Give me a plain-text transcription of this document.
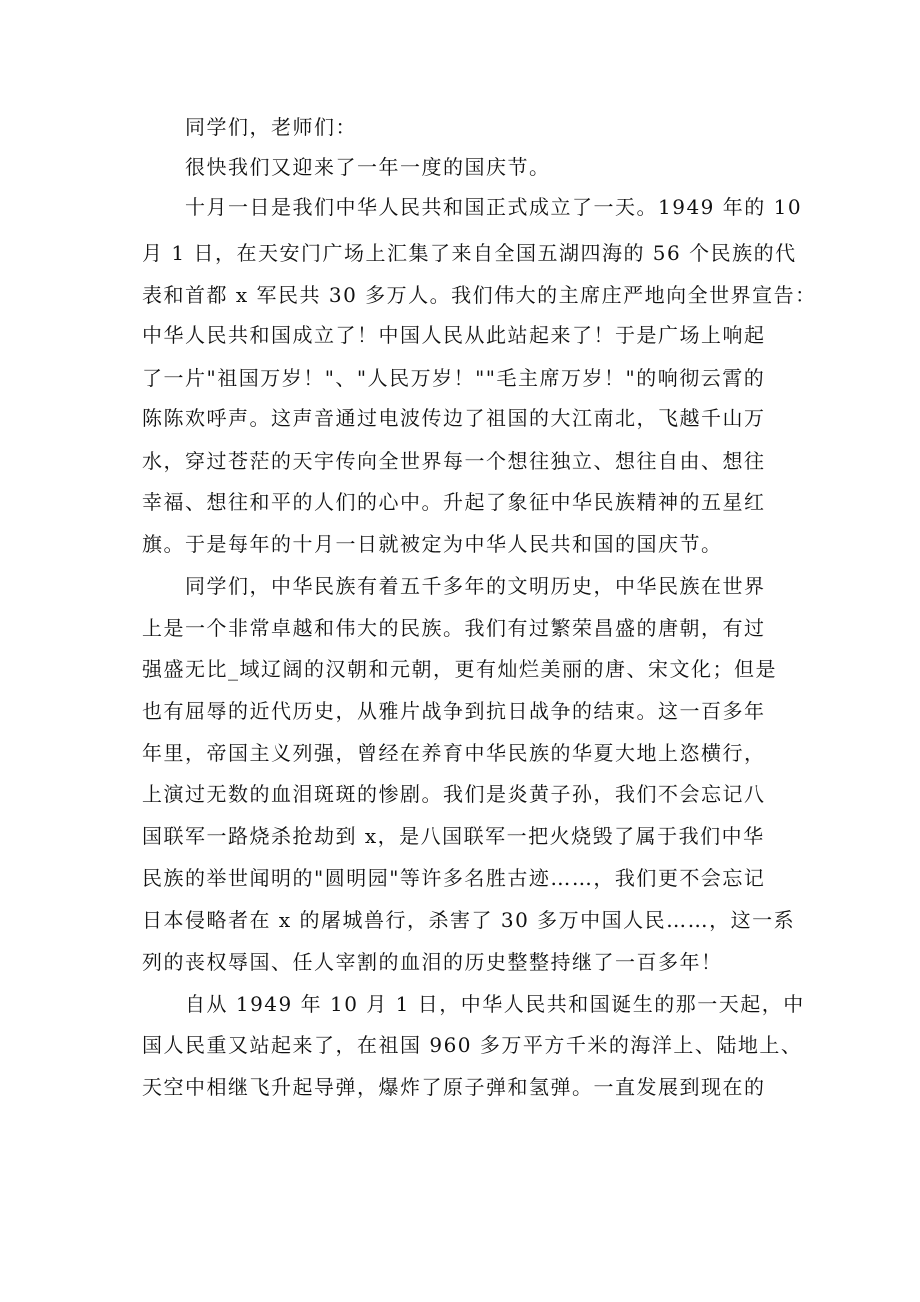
同学们，老师们：
很快我们又迎来了一年一度的国庆节。
十月一日是我们中华人民共和国正式成立了一天。1949 年的 10
月 1 日，在天安门广场上汇集了来自全国五湖四海的 56 个民族的代
表和首都 x 军民共 30 多万人。我们伟大的主席庄严地向全世界宣告：
中华人民共和国成立了！中国人民从此站起来了！于是广场上响起
了一片"祖国万岁！"、"人民万岁！""毛主席万岁！"的响彻云霄的
陈陈欢呼声。这声音通过电波传边了祖国的大江南北，飞越千山万
水，穿过苍茫的天宇传向全世界每一个想往独立、想往自由、想往
幸福、想往和平的人们的心中。升起了象征中华民族精神的五星红
旗。于是每年的十月一日就被定为中华人民共和国的国庆节。
同学们，中华民族有着五千多年的文明历史，中华民族在世界
上是一个非常卓越和伟大的民族。我们有过繁荣昌盛的唐朝，有过
强盛无比_域辽阔的汉朝和元朝，更有灿烂美丽的唐、宋文化；但是
也有屈辱的近代历史，从雅片战争到抗日战争的结束。这一百多年
年里，帝国主义列强，曾经在养育中华民族的华夏大地上恣横行，
上演过无数的血泪斑斑的惨剧。我们是炎黄子孙，我们不会忘记八
国联军一路烧杀抢劫到 x，是八国联军一把火烧毁了属于我们中华
民族的举世闻明的"圆明园"等许多名胜古迹……，我们更不会忘记
日本侵略者在 x 的屠城兽行，杀害了 30 多万中国人民……，这一系
列的丧权辱国、任人宰割的血泪的历史整整持继了一百多年！
自从 1949 年 10 月 1 日，中华人民共和国诞生的那一天起，中
国人民重又站起来了，在祖国 960 多万平方千米的海洋上、陆地上、
天空中相继飞升起导弹，爆炸了原子弹和氢弹。一直发展到现在的
